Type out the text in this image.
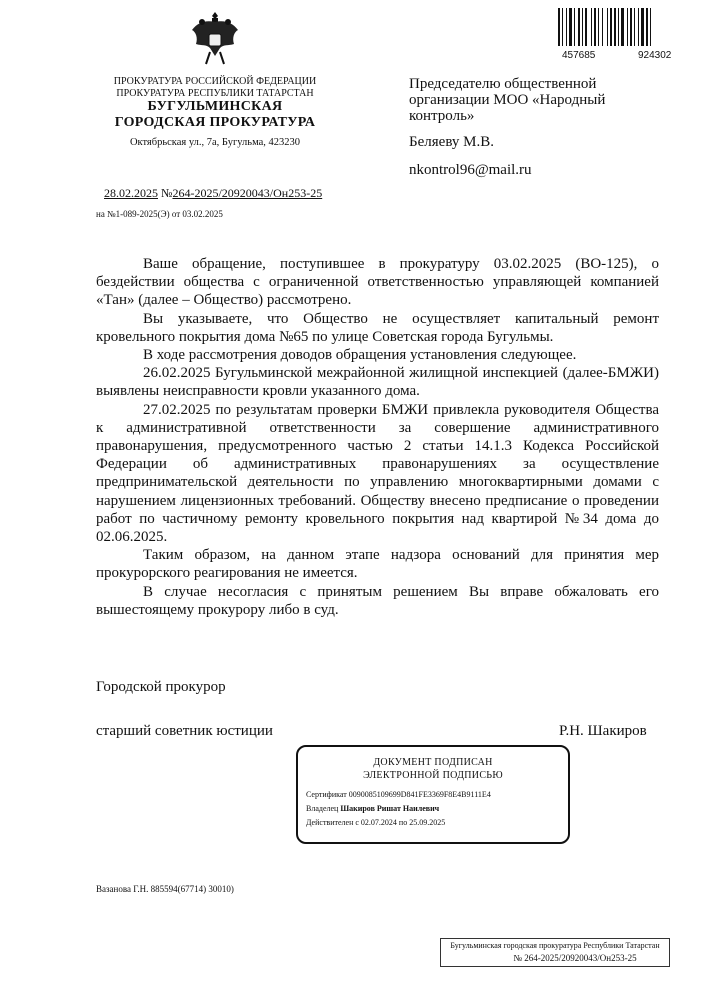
ПРОКУРАТУРА РОССИЙСКОЙ ФЕДЕРАЦИИ
ПРОКУРАТУРА РЕСПУБЛИКИ ТАТАРСТАН
БУГУЛЬМИНСКАЯ
ГОРОДСКАЯ ПРОКУРАТУРА
Октябрьская ул., 7а, Бугульма, 423230
457685	924302
Председателю общественной организации МОО «Народный контроль»
Беляеву М.В.
nkontrol96@mail.ru
28.02.2025 №264-2025/20920043/Он253-25
на №1-089-2025(Э) от 03.02.2025

Ваше обращение, поступившее в прокуратуру 03.02.2025 (ВО-125), о бездействии общества с ограниченной ответственностью управляющей компанией «Тан» (далее – Общество) рассмотрено.

Вы указываете, что Общество не осуществляет капитальный ремонт кровельного покрытия дома №65 по улице Советская города Бугульмы.

В ходе рассмотрения доводов обращения установления следующее.

26.02.2025 Бугульминской межрайонной жилищной инспекцией (далее-БМЖИ) выявлены неисправности кровли указанного дома.

27.02.2025 по результатам проверки БМЖИ привлекла руководителя Общества к административной ответственности за совершение административного правонарушения, предусмотренного частью 2 статьи 14.1.3 Кодекса Российской Федерации об административных правонарушениях за осуществление предпринимательской деятельности по управлению многоквартирными домами с нарушением лицензионных требований. Обществу внесено предписание о проведении работ по частичному ремонту кровельного покрытия над квартирой №34 дома до 02.06.2025.

Таким образом, на данном этапе надзора оснований для принятия мер прокурорского реагирования не имеется.

В случае несогласия с принятым решением Вы вправе обжаловать его вышестоящему прокурору либо в суд.

Городской прокурор
старший советник юстиции	Р.Н. Шакиров
ДОКУМЕНТ ПОДПИСАН
ЭЛЕКТРОННОЙ ПОДПИСЬЮ
Сертификат 0090085109699D841FE3369F8E4B9111E4
Владелец Шакиров Ришат Наилевич
Действителен с 02.07.2024 по 25.09.2025
Вазанова Г.Н. 885594(67714) 30010)
Бугульминская городская прокуратура Республики Татарстан
№ 264-2025/20920043/Он253-25
